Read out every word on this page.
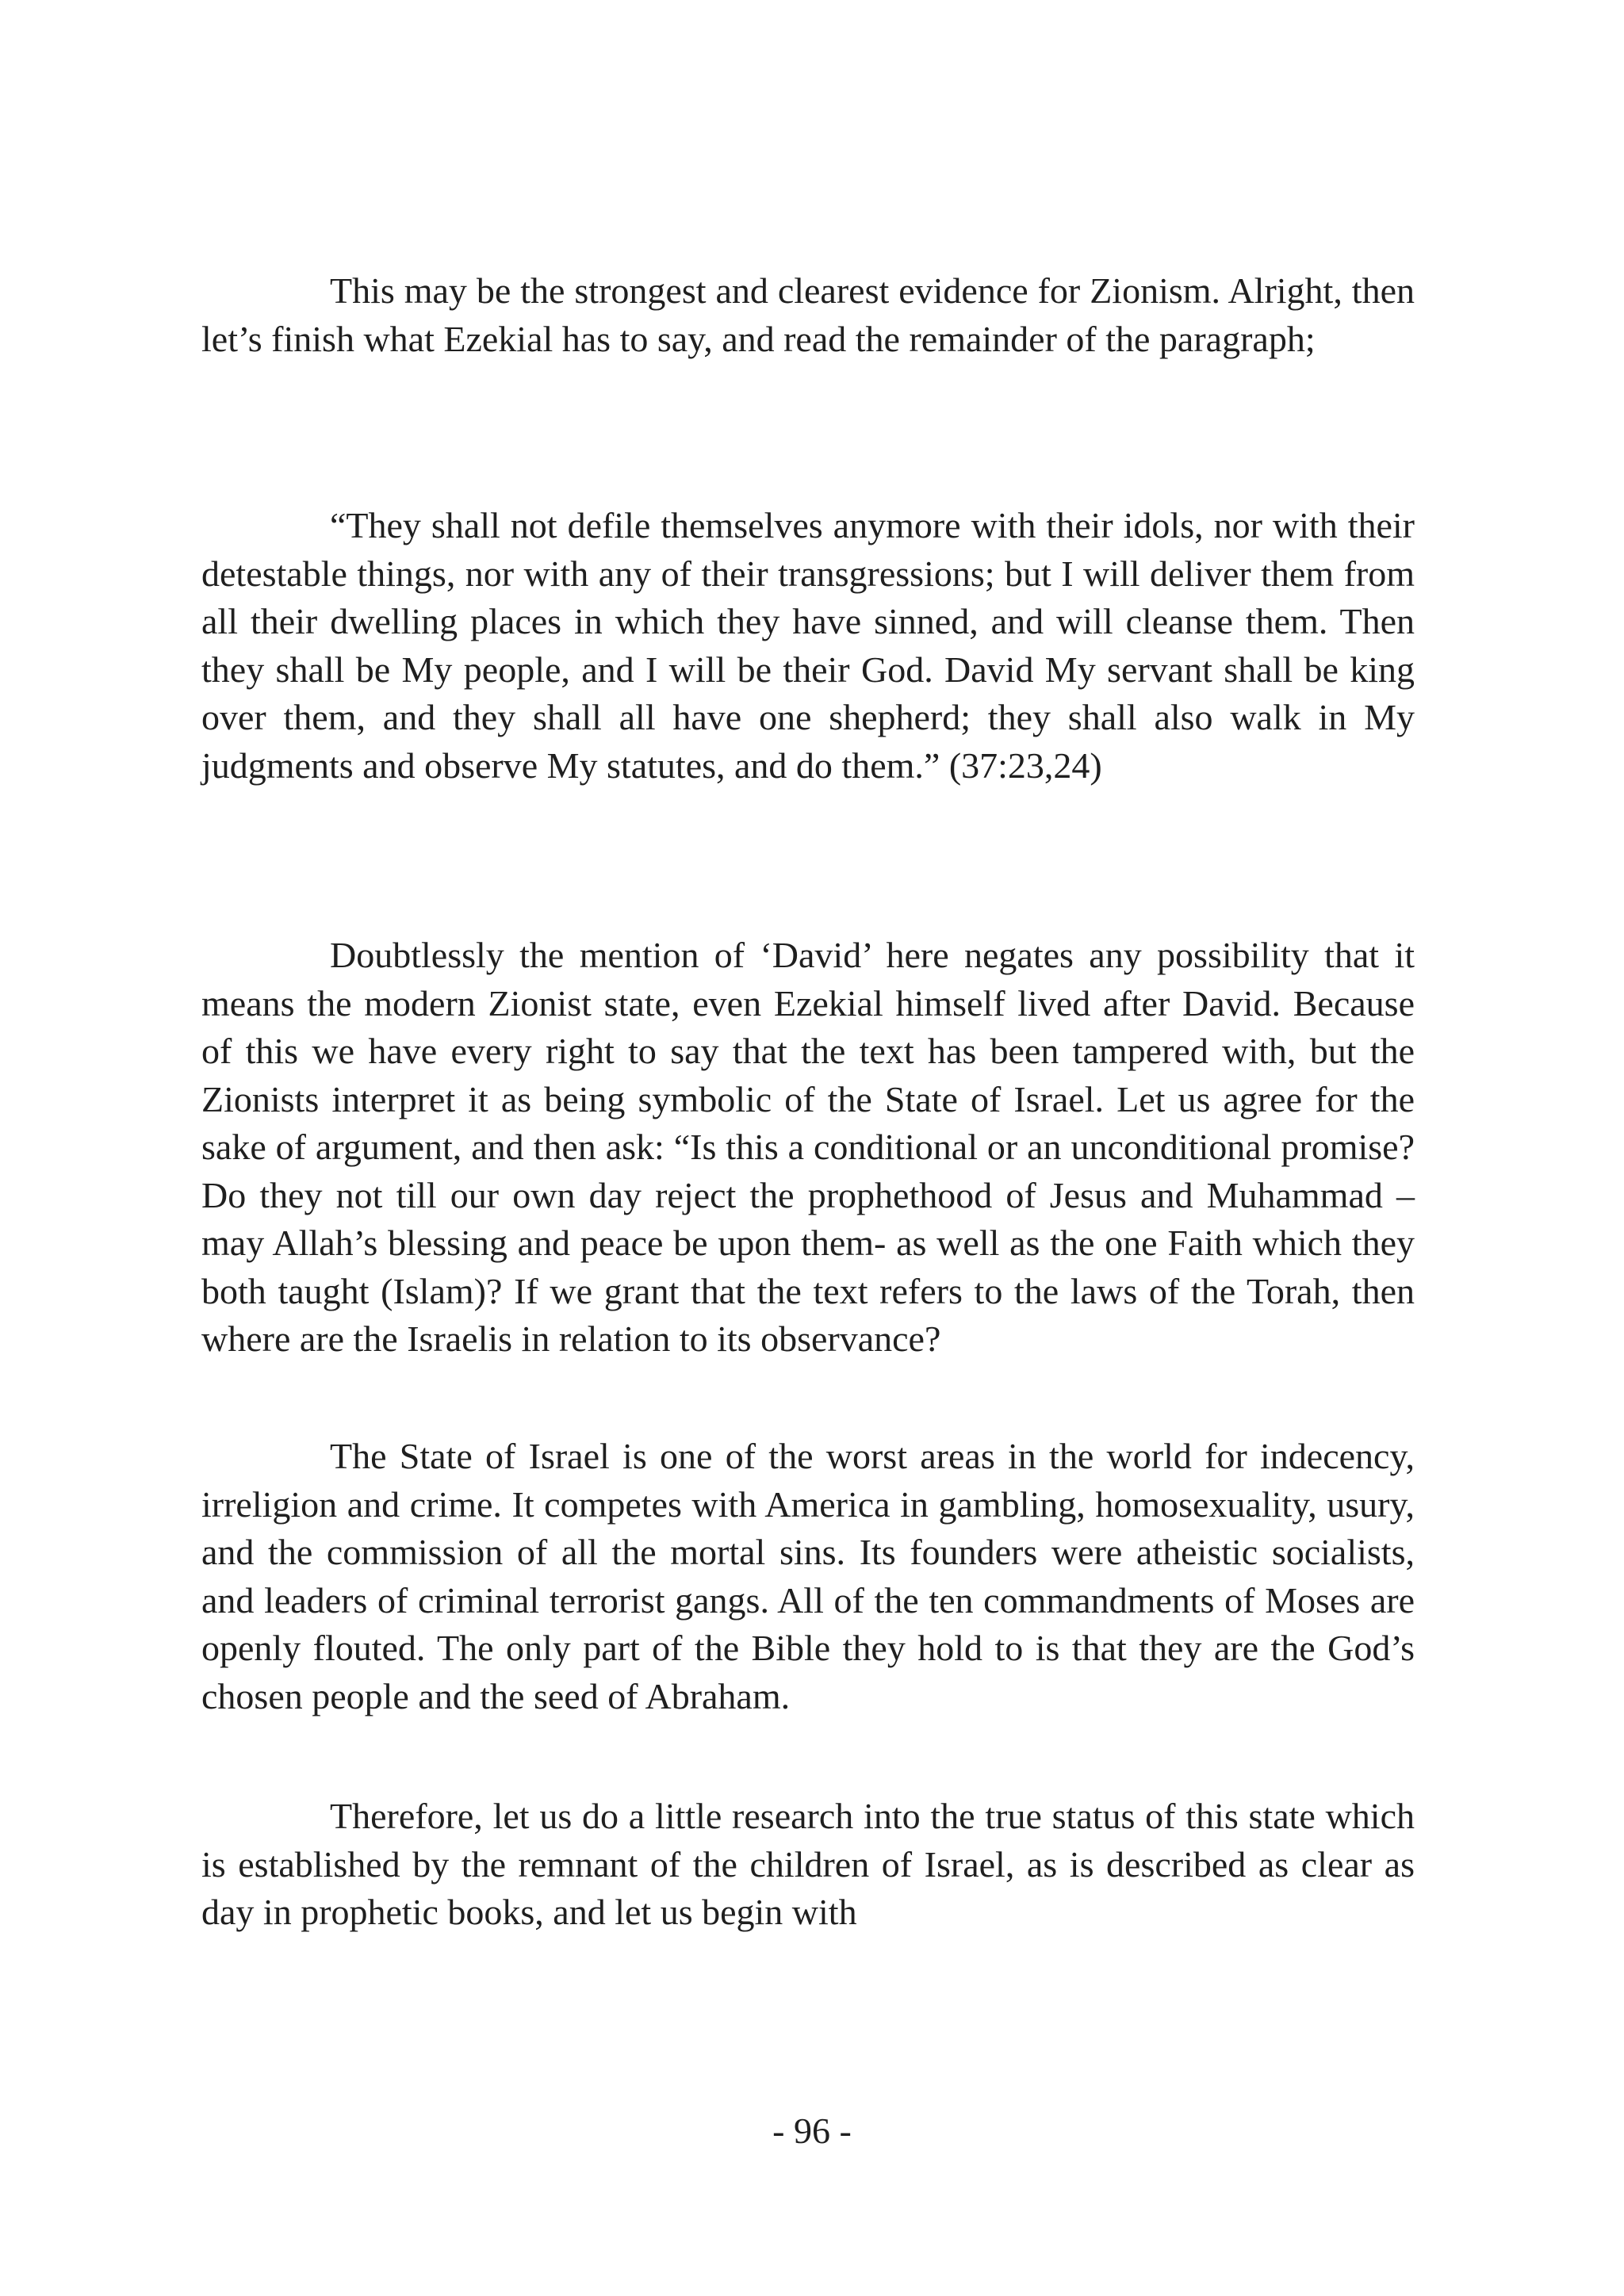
This may be the strongest and clearest evidence for Zionism. Alright, then let’s finish what Ezekial has to say, and read the remainder of the paragraph;

“They shall not defile themselves anymore with their idols, nor with their detestable things, nor with any of their transgressions; but I will deliver them from all their dwelling places in which they have sinned, and will cleanse them. Then they shall be My people, and I will be their God. David My servant shall be king over them, and they shall all have one shepherd; they shall also walk in My judgments and observe My statutes, and do them.” (37:23,24)

Doubtlessly the mention of ‘David’ here negates any possibility that it means the modern Zionist state, even Ezekial himself lived after David. Because of this we have every right to say that the text has been tampered with, but the Zionists interpret it as being symbolic of the State of Israel. Let us agree for the sake of argument, and then ask: “Is this a conditional or an unconditional promise? Do they not till our own day reject the prophethood of Jesus and Muhammad –may Allah’s blessing and peace be upon them- as well as the one Faith which they both taught (Islam)? If we grant that the text refers to the laws of the Torah, then where are the Israelis in relation to its observance?

The State of Israel is one of the worst areas in the world for indecency, irreligion and crime. It competes with America in gambling, homosexuality, usury, and the commission of all the mortal sins. Its founders were atheistic socialists, and leaders of criminal terrorist gangs. All of the ten commandments of Moses are openly flouted. The only part of the Bible they hold to is that they are the God’s chosen people and the seed of Abraham.

Therefore, let us do a little research into the true status of this state which is established by the remnant of the children of Israel, as is described as clear as day in prophetic books, and let us begin with

- 96 -
